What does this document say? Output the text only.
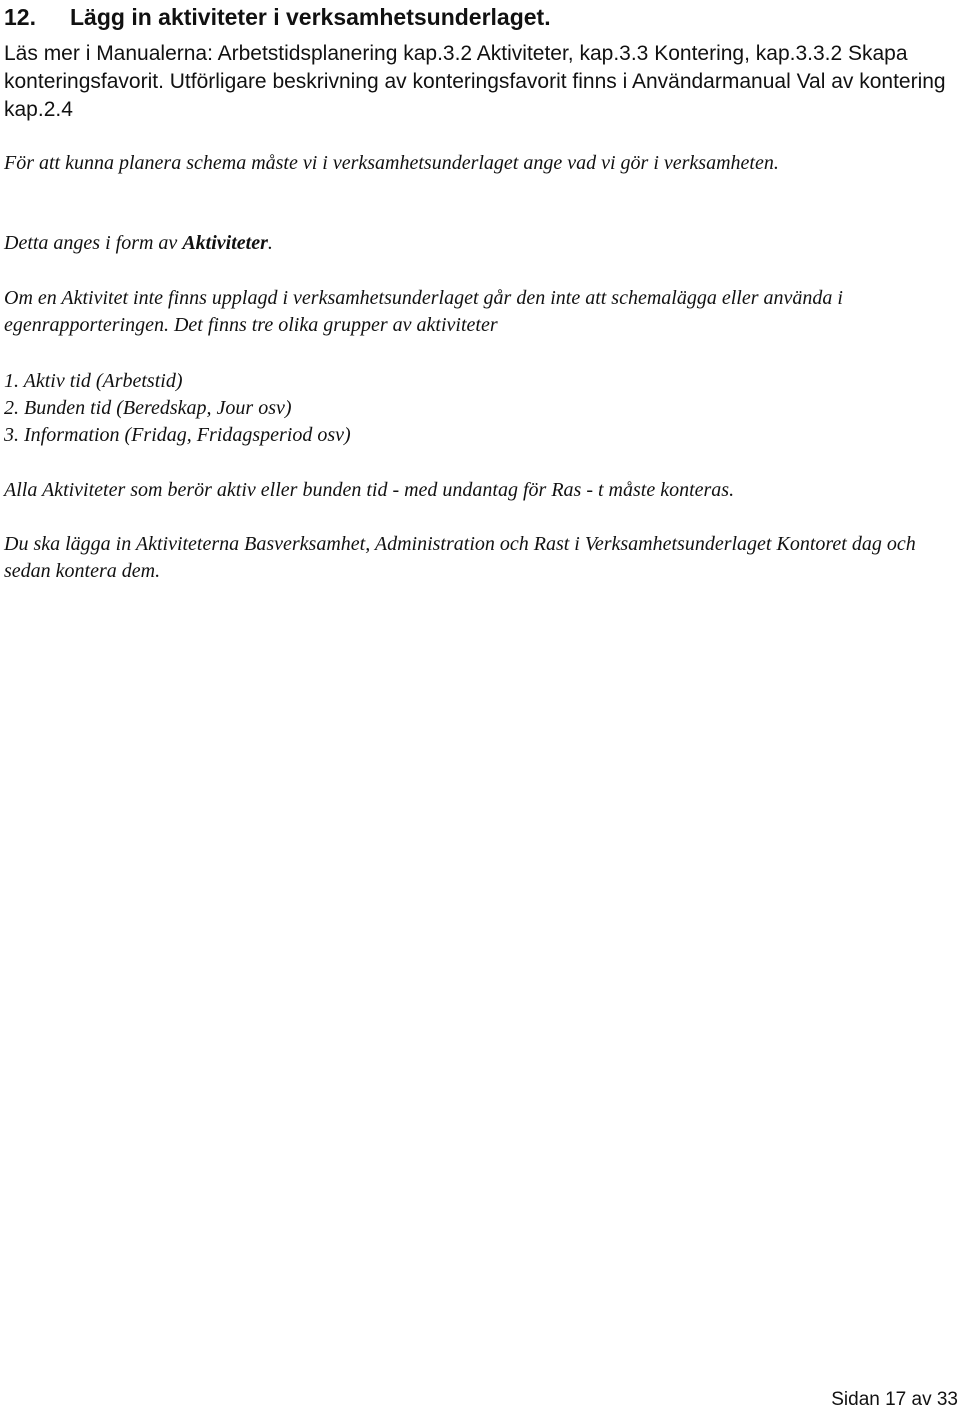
12. Lägg in aktiviteter i verksamhetsunderlaget.

Läs mer i Manualerna: Arbetstidsplanering kap.3.2 Aktiviteter, kap.3.3 Kontering, kap.3.3.2 Skapa konteringsfavorit. Utförligare beskrivning av konteringsfavorit finns i Användarmanual Val av kontering kap.2.4

För att kunna planera schema måste vi i verksamhetsunderlaget ange vad vi gör i verksamheten.

Detta anges i form av Aktiviteter.

Om en Aktivitet inte finns upplagd i verksamhetsunderlaget går den inte att schemalägga eller använda i egenrapporteringen. Det finns tre olika grupper av aktiviteter

1. Aktiv tid (Arbetstid)
2. Bunden tid (Beredskap, Jour osv)
3. Information (Fridag, Fridagsperiod osv)

Alla Aktiviteter som berör aktiv eller bunden tid - med undantag för Ras - t måste konteras.

Du ska lägga in Aktiviteterna Basverksamhet, Administration och Rast i Verksamhetsunderlaget Kontoret dag och sedan kontera dem.

Sidan 17 av 33
